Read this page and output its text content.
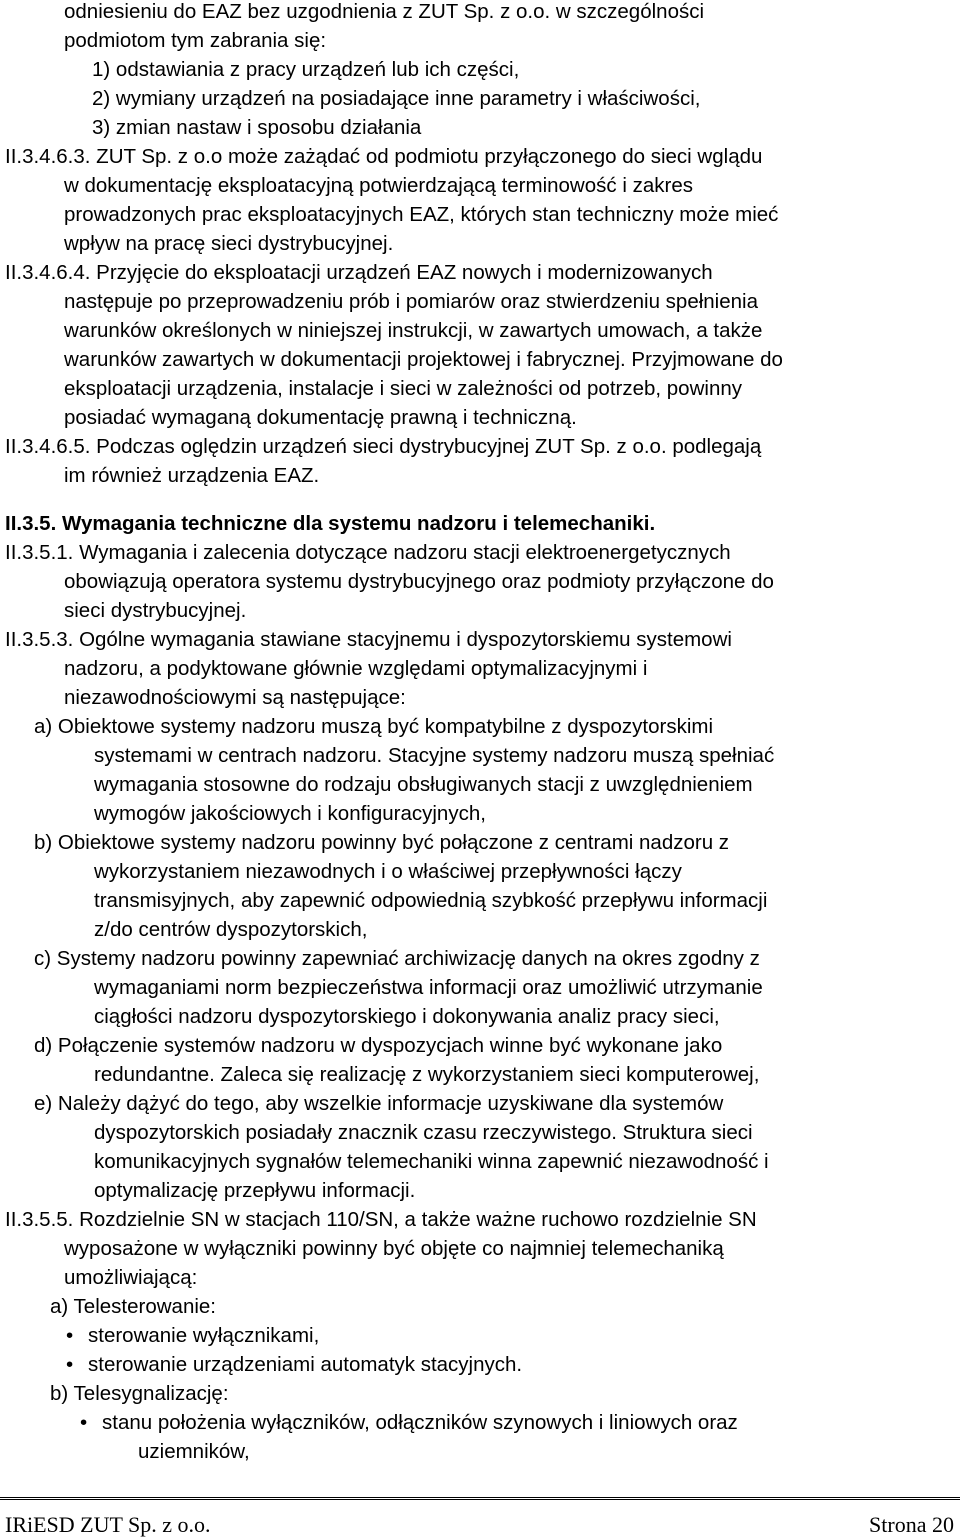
odniesieniu do EAZ bez uzgodnienia z ZUT Sp. z o.o. w szczególności
podmiotom tym zabrania się:
1) odstawiania z pracy urządzeń lub ich części,
2) wymiany urządzeń na posiadające inne parametry i właściwości,
3) zmian nastaw i sposobu działania
II.3.4.6.3. ZUT Sp. z o.o może zażądać od podmiotu przyłączonego do sieci wglądu
w dokumentację eksploatacyjną potwierdzającą terminowość i zakres
prowadzonych prac eksploatacyjnych EAZ, których stan techniczny może mieć
wpływ na pracę sieci dystrybucyjnej.
II.3.4.6.4. Przyjęcie do eksploatacji urządzeń EAZ nowych i modernizowanych
następuje po przeprowadzeniu prób i pomiarów oraz stwierdzeniu spełnienia
warunków określonych w niniejszej instrukcji, w zawartych umowach, a także
warunków zawartych w dokumentacji projektowej i fabrycznej. Przyjmowane do
eksploatacji urządzenia, instalacje i sieci w zależności od potrzeb, powinny
posiadać wymaganą dokumentację prawną i techniczną.
II.3.4.6.5. Podczas oględzin urządzeń sieci dystrybucyjnej ZUT Sp. z o.o. podlegają
im również urządzenia EAZ.
II.3.5. Wymagania techniczne dla systemu nadzoru i telemechaniki.
II.3.5.1. Wymagania i zalecenia dotyczące nadzoru stacji elektroenergetycznych
obowiązują operatora systemu dystrybucyjnego oraz podmioty przyłączone do
sieci dystrybucyjnej.
II.3.5.3. Ogólne wymagania stawiane stacyjnemu i dyspozytorskiemu systemowi
nadzoru, a podyktowane głównie względami optymalizacyjnymi i
niezawodnościowymi są następujące:
a) Obiektowe systemy nadzoru muszą być kompatybilne z dyspozytorskimi
systemami w centrach nadzoru. Stacyjne systemy nadzoru muszą spełniać
wymagania stosowne do rodzaju obsługiwanych stacji z uwzględnieniem
wymogów jakościowych i konfiguracyjnych,
b) Obiektowe systemy nadzoru powinny być połączone z centrami nadzoru z
wykorzystaniem niezawodnych i o właściwej przepływności łączy
transmisyjnych, aby zapewnić odpowiednią szybkość przepływu informacji
z/do centrów dyspozytorskich,
c) Systemy nadzoru powinny zapewniać archiwizację danych na okres zgodny z
wymaganiami norm bezpieczeństwa informacji oraz umożliwić utrzymanie
ciągłości nadzoru dyspozytorskiego i dokonywania analiz pracy sieci,
d) Połączenie systemów nadzoru w dyspozycjach winne być wykonane jako
redundantne. Zaleca się realizację z wykorzystaniem sieci komputerowej,
e) Należy dążyć do tego, aby wszelkie informacje uzyskiwane dla systemów
dyspozytorskich posiadały znacznik czasu rzeczywistego. Struktura sieci
komunikacyjnych sygnałów telemechaniki winna zapewnić niezawodność i
optymalizację przepływu informacji.
II.3.5.5. Rozdzielnie SN w stacjach 110/SN, a także ważne ruchowo rozdzielnie SN
wyposażone w wyłączniki powinny być objęte co najmniej telemechaniką
umożliwiającą:
a) Telesterowanie:
• sterowanie wyłącznikami,
• sterowanie urządzeniami automatyk stacyjnych.
b) Telesygnalizację:
• stanu położenia wyłączników, odłączników szynowych i liniowych oraz
uziemników,
IRiESD ZUT Sp. z o.o.	Strona 20
